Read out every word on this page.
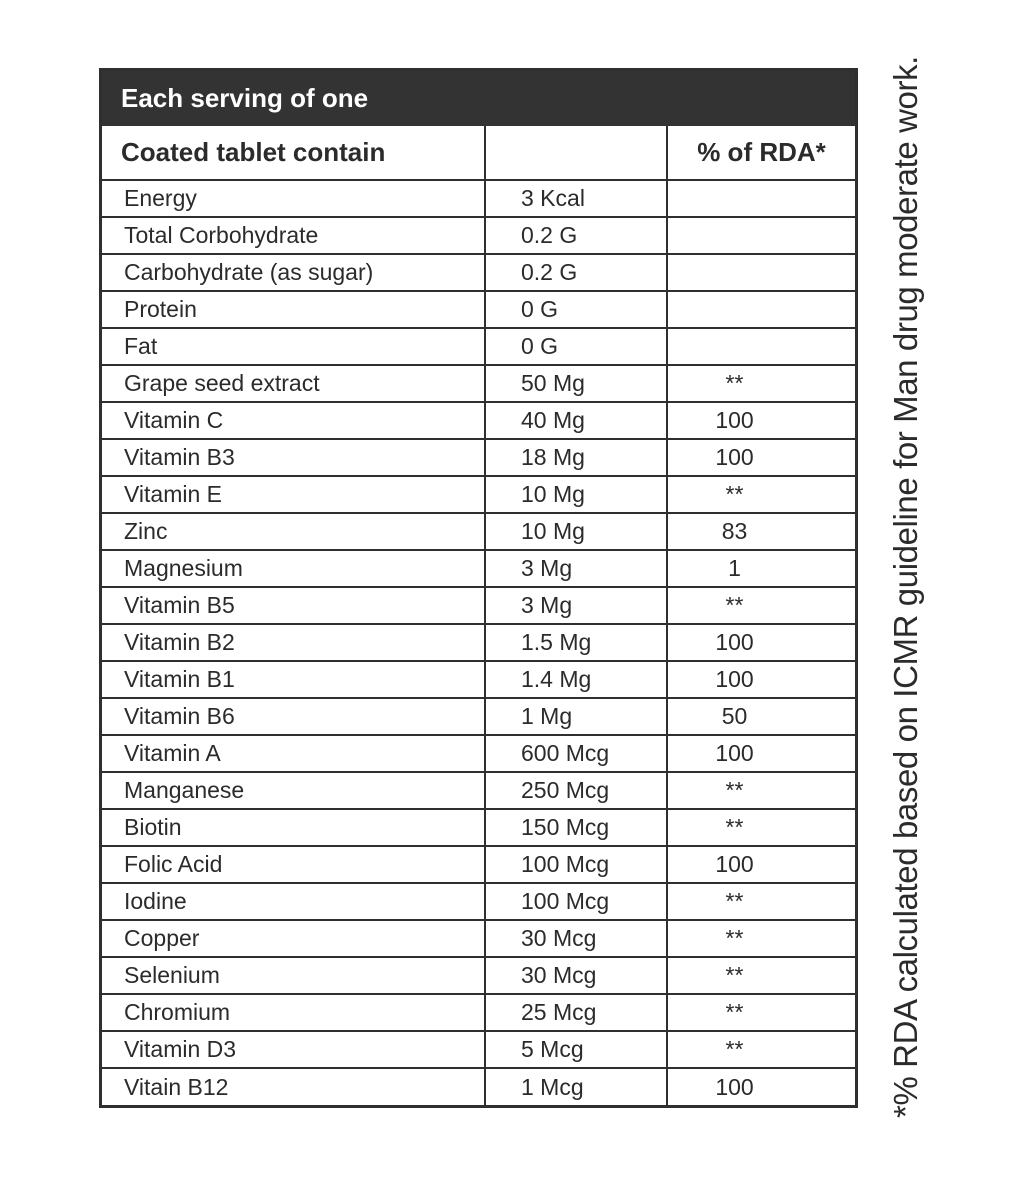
Each serving of one
Coated tablet contain		% of RDA*
Energy	3 Kcal	
Total Corbohydrate	0.2 G	
Carbohydrate (as sugar)	0.2 G	
Protein	0 G	
Fat	0 G	
Grape seed extract	50 Mg	**
Vitamin C	40 Mg	100
Vitamin B3	18 Mg	100
Vitamin E	10 Mg	**
Zinc	10 Mg	83
Magnesium	3 Mg	1
Vitamin B5	3 Mg	**
Vitamin B2	1.5 Mg	100
Vitamin B1	1.4 Mg	100
Vitamin B6	1 Mg	50
Vitamin A	600 Mcg	100
Manganese	250 Mcg	**
Biotin	150 Mcg	**
Folic Acid	100 Mcg	100
Iodine	100 Mcg	**
Copper	30 Mcg	**
Selenium	30 Mcg	**
Chromium	25 Mcg	**
Vitamin D3	5 Mcg	**
Vitain B12	1 Mcg	100	*% RDA calculated based on ICMR guideline for Man drug moderate work.
